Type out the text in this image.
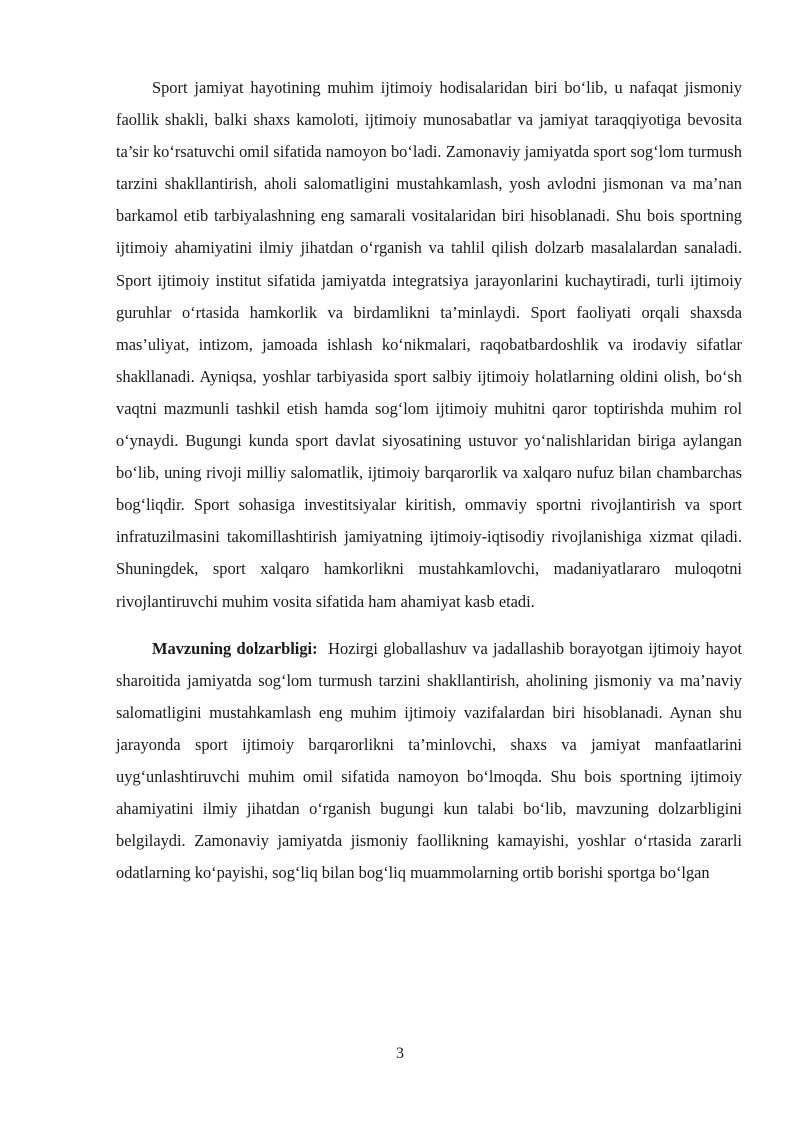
Sport jamiyat hayotining muhim ijtimoiy hodisalaridan biri bo‘lib, u nafaqat jismoniy faollik shakli, balki shaxs kamoloti, ijtimoiy munosabatlar va jamiyat taraqqiyotiga bevosita ta’sir ko‘rsatuvchi omil sifatida namoyon bo‘ladi. Zamonaviy jamiyatda sport sog‘lom turmush tarzini shakllantirish, aholi salomatligini mustahkamlash, yosh avlodni jismonan va ma’nan barkamol etib tarbiyalashning eng samarali vositalaridan biri hisoblanadi. Shu bois sportning ijtimoiy ahamiyatini ilmiy jihatdan o‘rganish va tahlil qilish dolzarb masalalardan sanaladi. Sport ijtimoiy institut sifatida jamiyatda integratsiya jarayonlarini kuchaytiradi, turli ijtimoiy guruhlar o‘rtasida hamkorlik va birdamlikni ta’minlaydi. Sport faoliyati orqali shaxsda mas’uliyat, intizom, jamoada ishlash ko‘nikmalari, raqobatbardoshlik va irodaviy sifatlar shakllanadi. Ayniqsa, yoshlar tarbiyasida sport salbiy ijtimoiy holatlarning oldini olish, bo‘sh vaqtni mazmunli tashkil etish hamda sog‘lom ijtimoiy muhitni qaror toptirishda muhim rol o‘ynaydi. Bugungi kunda sport davlat siyosatining ustuvor yo‘nalishlaridan biriga aylangan bo‘lib, uning rivoji milliy salomatlik, ijtimoiy barqarorlik va xalqaro nufuz bilan chambarchas bog‘liqdir. Sport sohasiga investitsiyalar kiritish, ommaviy sportni rivojlantirish va sport infratuzilmasini takomillashtirish jamiyatning ijtimoiy-iqtisodiy rivojlanishiga xizmat qiladi. Shuningdek, sport xalqaro hamkorlikni mustahkamlovchi, madaniyatlararo muloqotni rivojlantiruvchi muhim vosita sifatida ham ahamiyat kasb etadi.

Mavzuning dolzarbligi: Hozirgi globallashuv va jadallashib borayotgan ijtimoiy hayot sharoitida jamiyatda sog‘lom turmush tarzini shakllantirish, aholining jismoniy va ma’naviy salomatligini mustahkamlash eng muhim ijtimoiy vazifalardan biri hisoblanadi. Aynan shu jarayonda sport ijtimoiy barqarorlikni ta’minlovchi, shaxs va jamiyat manfaatlarini uyg‘unlashtiruvchi muhim omil sifatida namoyon bo‘lmoqda. Shu bois sportning ijtimoiy ahamiyatini ilmiy jihatdan o‘rganish bugungi kun talabi bo‘lib, mavzuning dolzarbligini belgilaydi. Zamonaviy jamiyatda jismoniy faollikning kamayishi, yoshlar o‘rtasida zararli odatlarning ko‘payishi, sog‘liq bilan bog‘liq muammolarning ortib borishi sportga bo‘lgan

3
